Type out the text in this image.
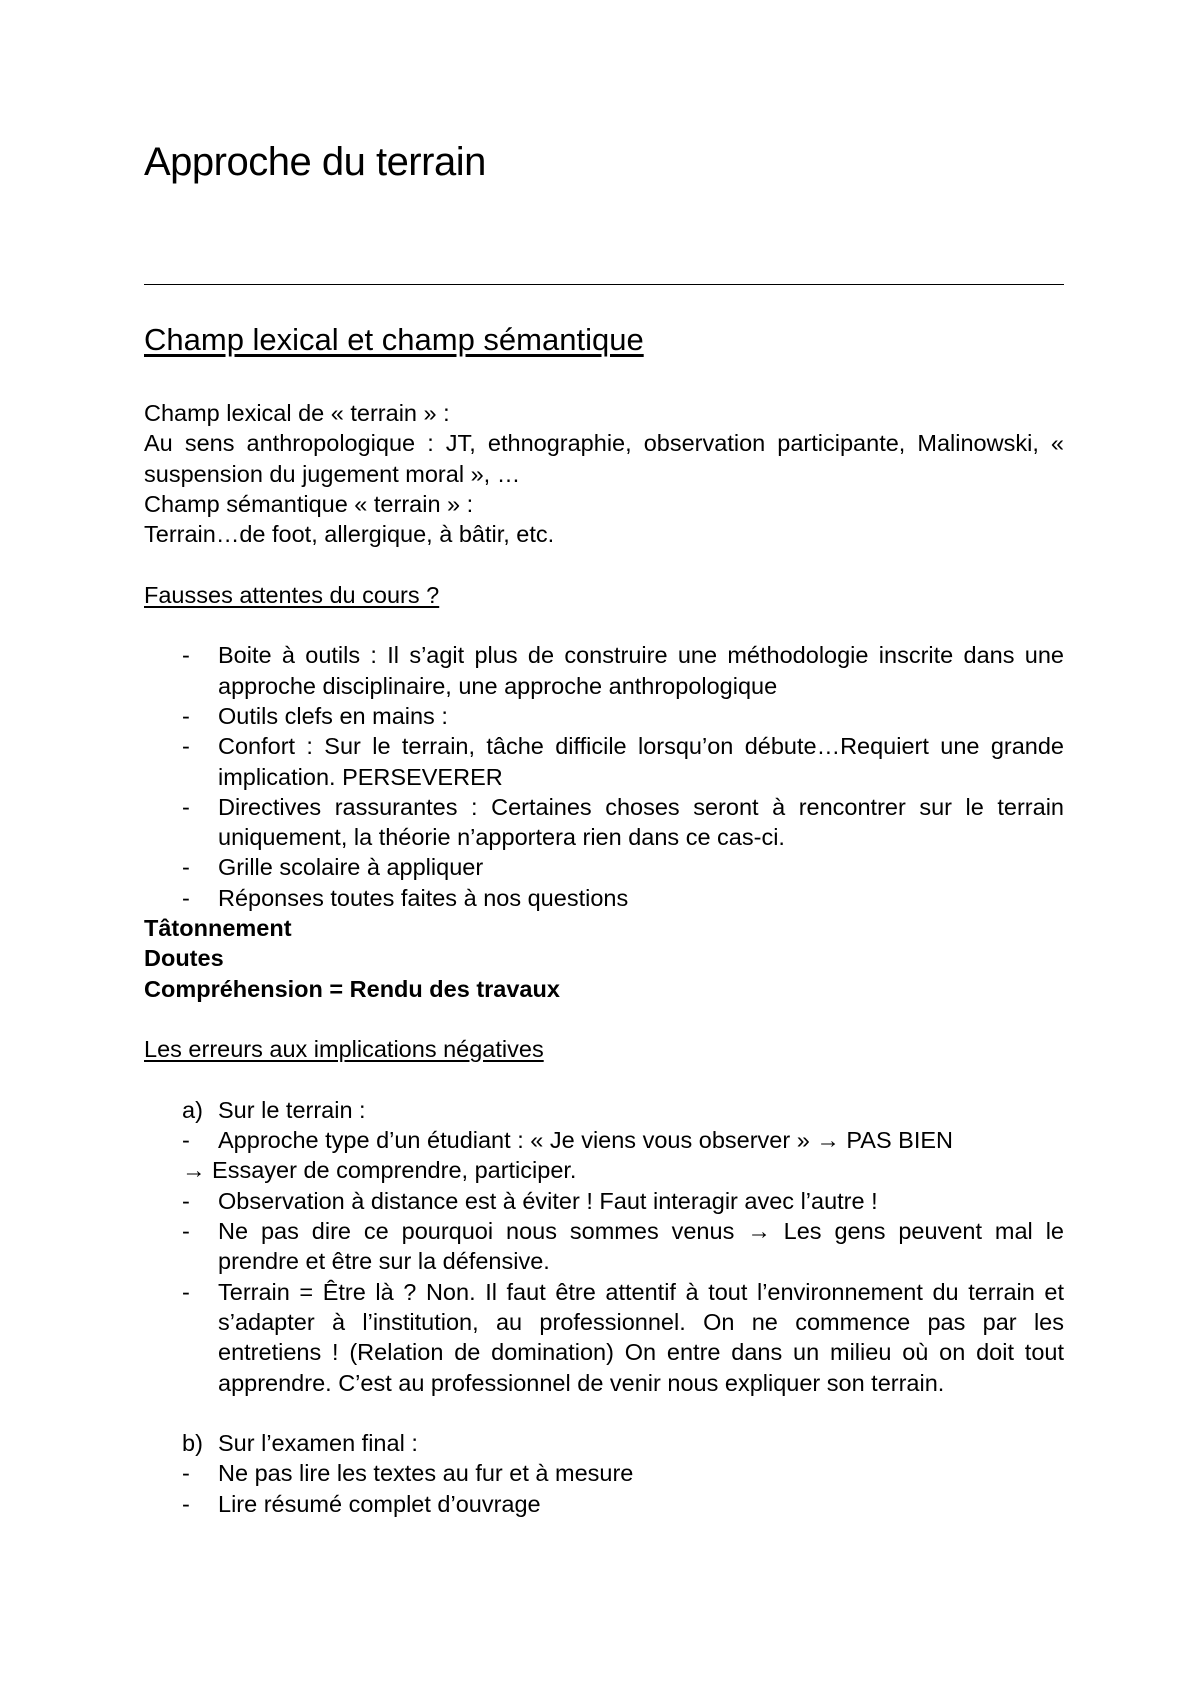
Approche du terrain
Champ lexical et champ sémantique

Champ lexical de « terrain » :

Au sens anthropologique : JT, ethnographie, observation participante, Malinowski, « suspension du jugement moral », …

Champ sémantique « terrain » :

Terrain…de foot, allergique, à bâtir, etc.

Fausses attentes du cours ?

- Boite à outils : Il s’agit plus de construire une méthodologie inscrite dans une approche disciplinaire, une approche anthropologique
- Outils clefs en mains :
- Confort : Sur le terrain, tâche difficile lorsqu’on débute…Requiert une grande implication. PERSEVERER
- Directives rassurantes : Certaines choses seront à rencontrer sur le terrain uniquement, la théorie n’apportera rien dans ce cas-ci.
- Grille scolaire à appliquer
- Réponses toutes faites à nos questions

Tâtonnement

Doutes

Compréhension = Rendu des travaux

Les erreurs aux implications négatives

a) Sur le terrain :
- Approche type d’un étudiant : « Je viens vous observer » → PAS BIEN

→ Essayer de comprendre, participer.

- Observation à distance est à éviter ! Faut interagir avec l’autre !
- Ne pas dire ce pourquoi nous sommes venus → Les gens peuvent mal le prendre et être sur la défensive.
- Terrain = Être là ? Non. Il faut être attentif à tout l’environnement du terrain et s’adapter à l’institution, au professionnel. On ne commence pas par les entretiens ! (Relation de domination) On entre dans un milieu où on doit tout apprendre. C’est au professionnel de venir nous expliquer son terrain.
b) Sur l’examen final :
- Ne pas lire les textes au fur et à mesure
- Lire résumé complet d’ouvrage
